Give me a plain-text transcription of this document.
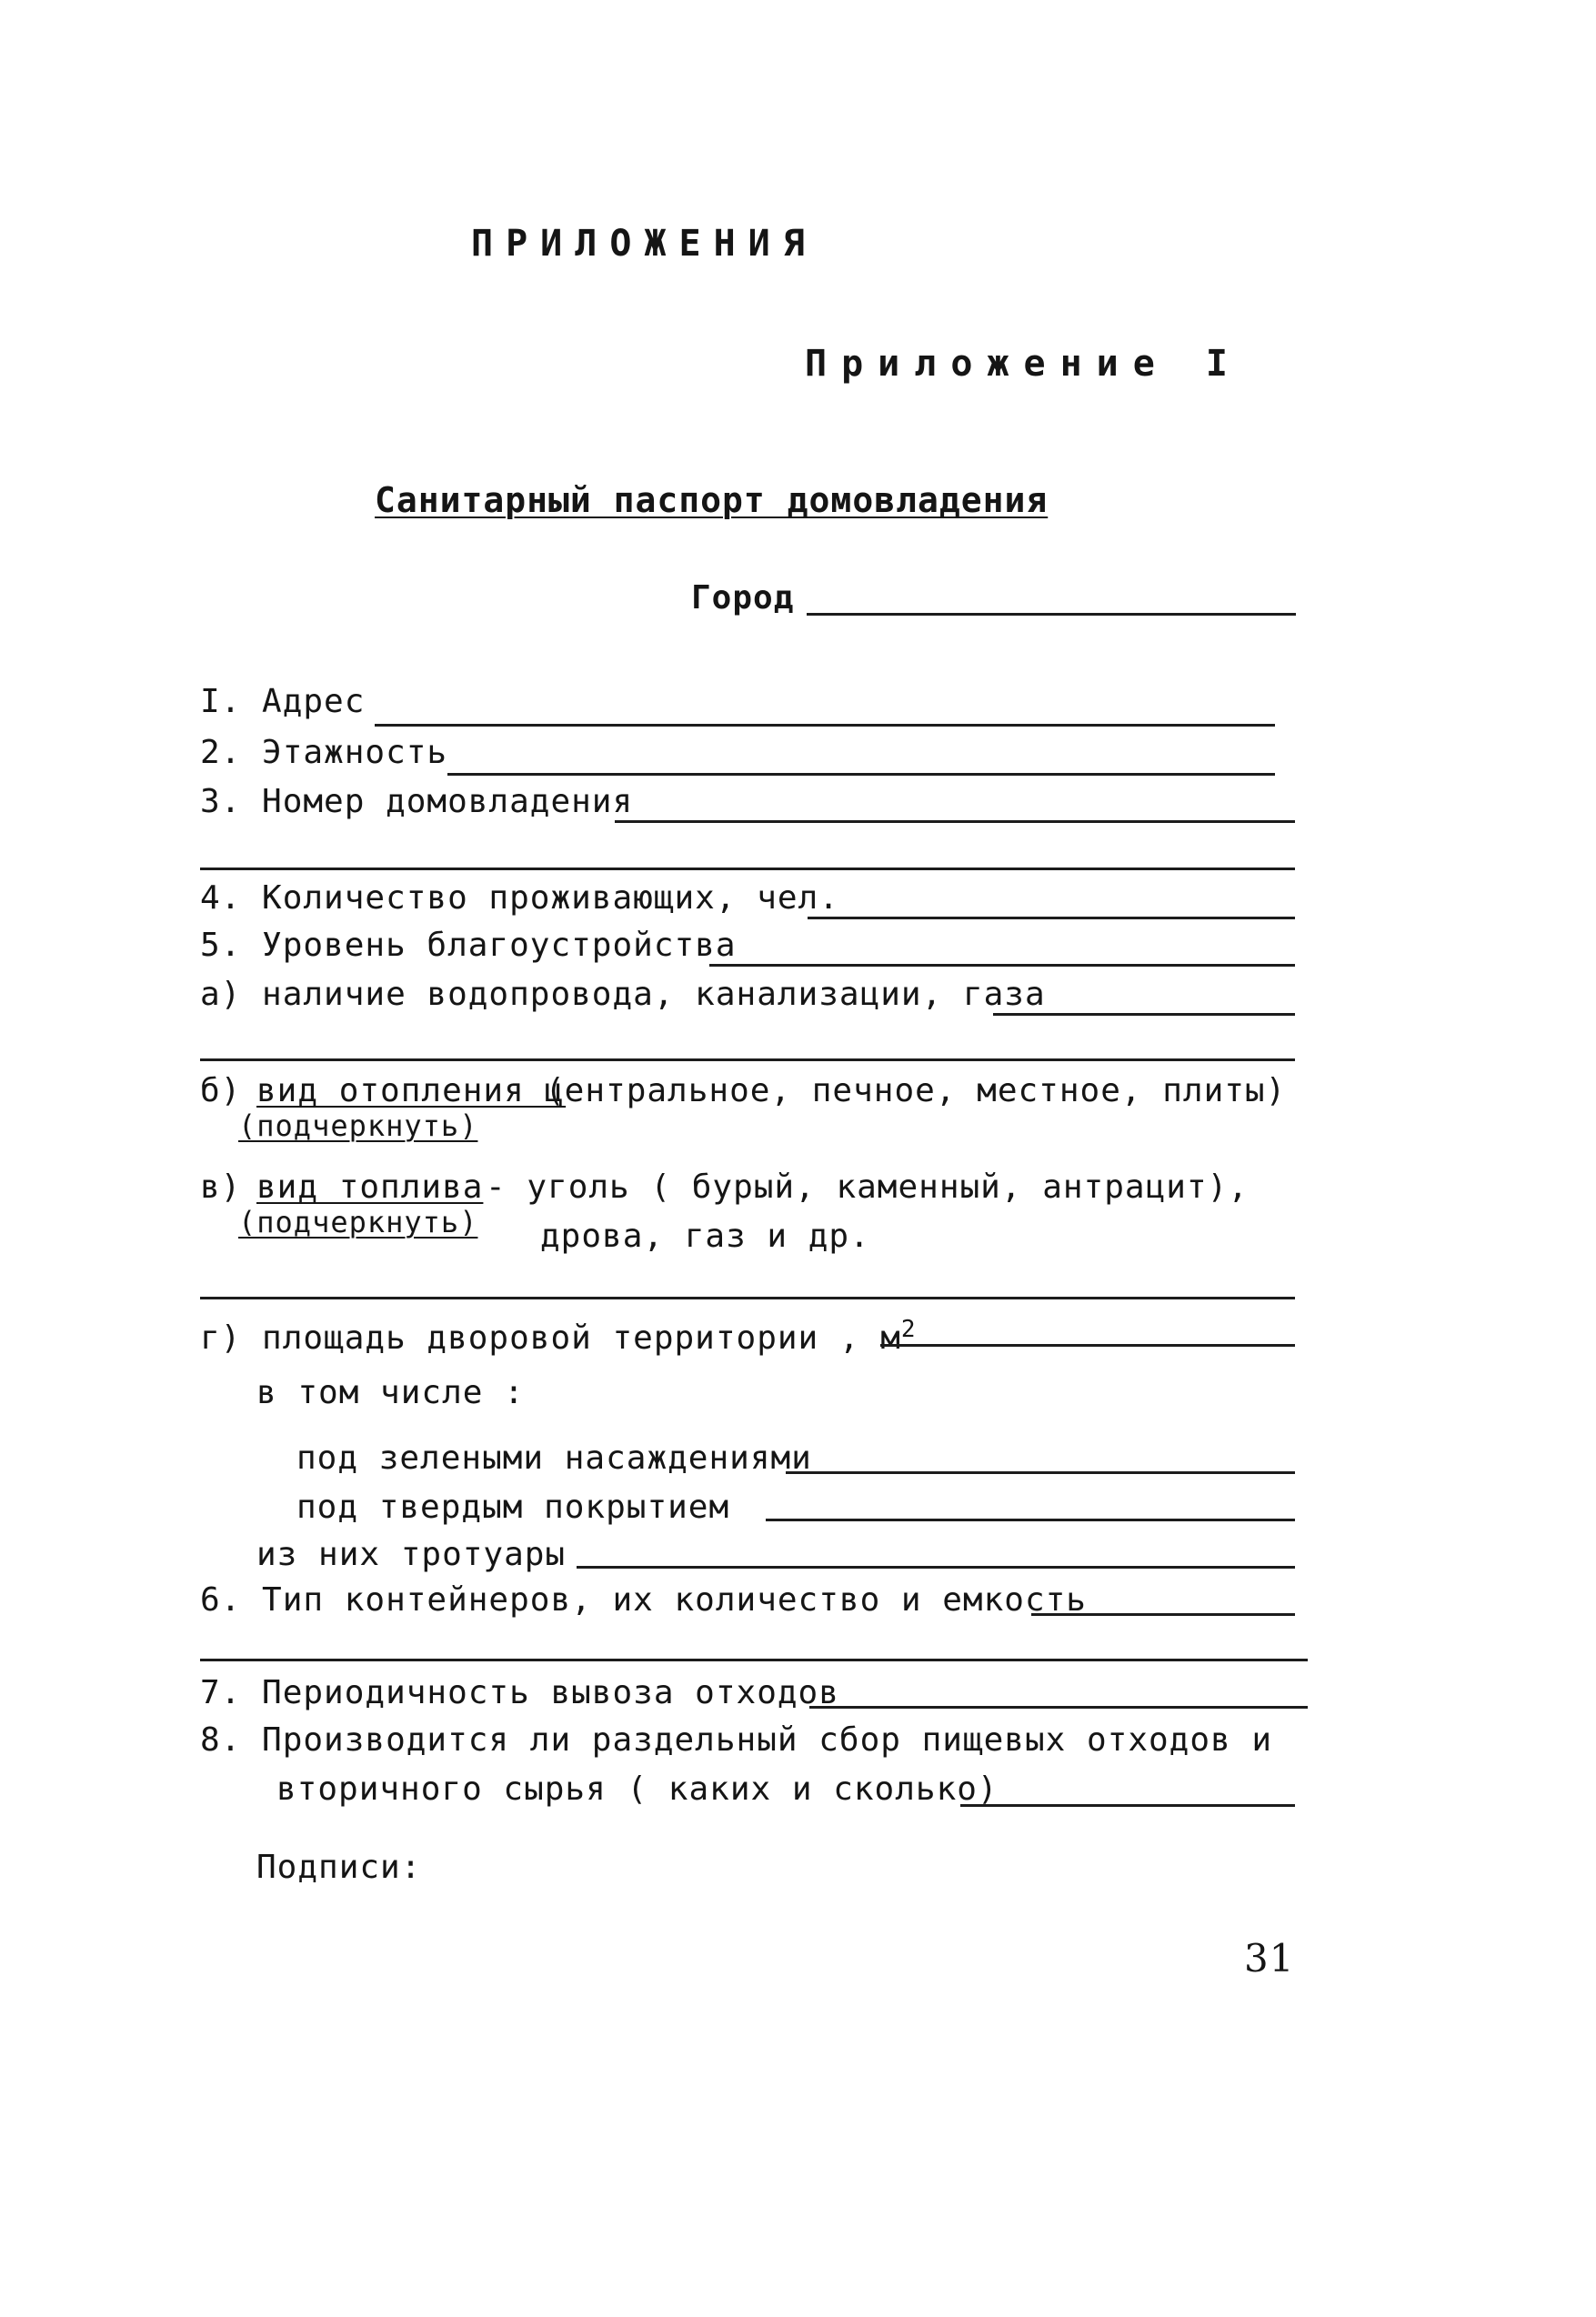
ПРИЛОЖЕНИЯ
Приложение I
Санитарный паспорт домовладения
Город
I. Адрес
2. Этажность
3. Номер домовладения
4. Количество проживающих, чел.
5. Уровень благоустройства
а) наличие водопровода, канализации, газа
б) вид отопления (
центральное, печное, местное, плиты)
(подчеркнуть)
в) вид топлива - уголь ( бурый, каменный, антрацит),
(подчеркнуть) дрова, газ и др.
г) площадь дворовой территории , $м^2$
в том числе :
под зелеными насаждениями
под твердым покрытием
из них тротуары
6. Тип контейнеров, их количество и емкость
7. Периодичность вывоза отходов
8. Производится ли раздельный сбор пищевых отходов и
вторичного сырья ( каких и сколько)
Подписи:
31
